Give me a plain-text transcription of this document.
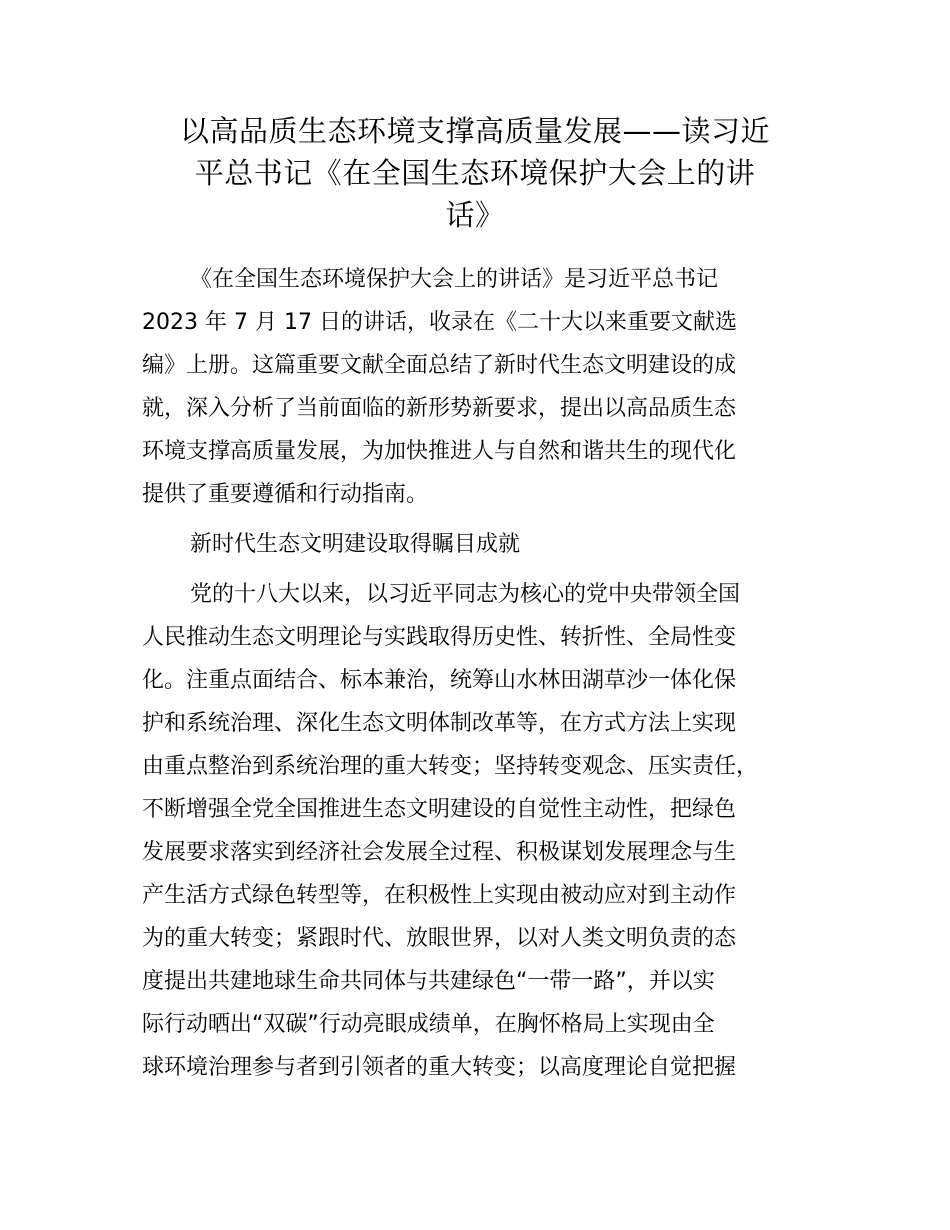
以高品质生态环境支撑高质量发展——读习近
平总书记《在全国生态环境保护大会上的讲
话》
《在全国生态环境保护大会上的讲话》是习近平总书记
2023 年 7 月 17 日的讲话，收录在《二十大以来重要文献选
编》上册。这篇重要文献全面总结了新时代生态文明建设的成
就，深入分析了当前面临的新形势新要求，提出以高品质生态
环境支撑高质量发展，为加快推进人与自然和谐共生的现代化
提供了重要遵循和行动指南。
新时代生态文明建设取得瞩目成就
党的十八大以来，以习近平同志为核心的党中央带领全国
人民推动生态文明理论与实践取得历史性、转折性、全局性变
化。注重点面结合、标本兼治，统筹山水林田湖草沙一体化保
护和系统治理、深化生态文明体制改革等，在方式方法上实现
由重点整治到系统治理的重大转变；坚持转变观念、压实责任，
不断增强全党全国推进生态文明建设的自觉性主动性，把绿色
发展要求落实到经济社会发展全过程、积极谋划发展理念与生
产生活方式绿色转型等，在积极性上实现由被动应对到主动作
为的重大转变；紧跟时代、放眼世界，以对人类文明负责的态
度提出共建地球生命共同体与共建绿色“一带一路”，并以实
际行动晒出“双碳”行动亮眼成绩单，在胸怀格局上实现由全
球环境治理参与者到引领者的重大转变；以高度理论自觉把握
